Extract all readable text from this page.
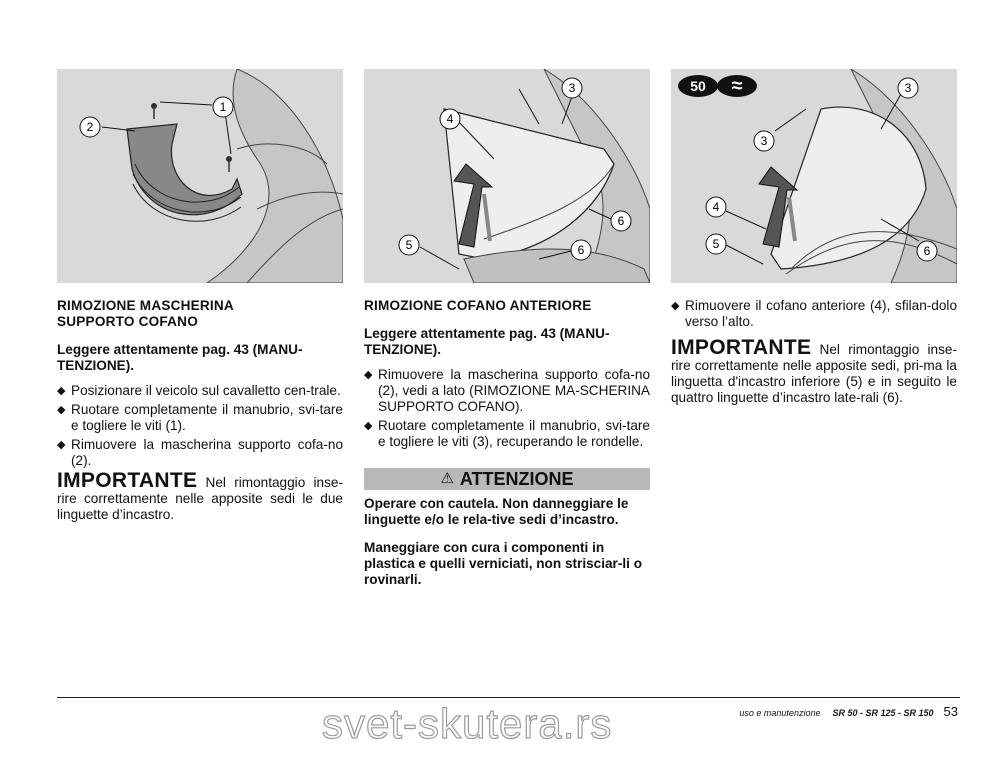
1
2
3
4
5
6
6
50 ≈	3
3
4
5	6
RIMOZIONE MASCHERINA
SUPPORTO COFANO
Leggere attentamente pag. 43 (MANU-TENZIONE).
◆ Posizionare il veicolo sul cavalletto cen-trale.
◆ Ruotare completamente il manubrio, svi-tare e togliere le viti (1).
◆ Rimuovere la mascherina supporto cofa-no (2).
IMPORTANTE Nel rimontaggio inse-rire correttamente nelle apposite sedi le due linguette d’incastro.
RIMOZIONE COFANO ANTERIORE
Leggere attentamente pag. 43 (MANU-TENZIONE).
◆ Rimuovere la mascherina supporto cofa-no (2), vedi a lato (RIMOZIONE MA-SCHERINA SUPPORTO COFANO).
◆ Ruotare completamente il manubrio, svi-tare e togliere le viti (3), recuperando le rondelle.
⚠ ATTENZIONE
Operare con cautela. Non danneggiare le linguette e/o le rela-tive sedi d’incastro.
Maneggiare con cura i componenti in plastica e quelli verniciati, non strisciar-li o rovinarli.
◆ Rimuovere il cofano anteriore (4), sfilan-dolo verso l’alto.
IMPORTANTE Nel rimontaggio inse-rire correttamente nelle apposite sedi, pri-ma la linguetta d'incastro inferiore (5) e in seguito le quattro linguette d’incastro late-rali (6).
uso e manutenzione SR 50 - SR 125 - SR 150 53
svet-skutera.rs
